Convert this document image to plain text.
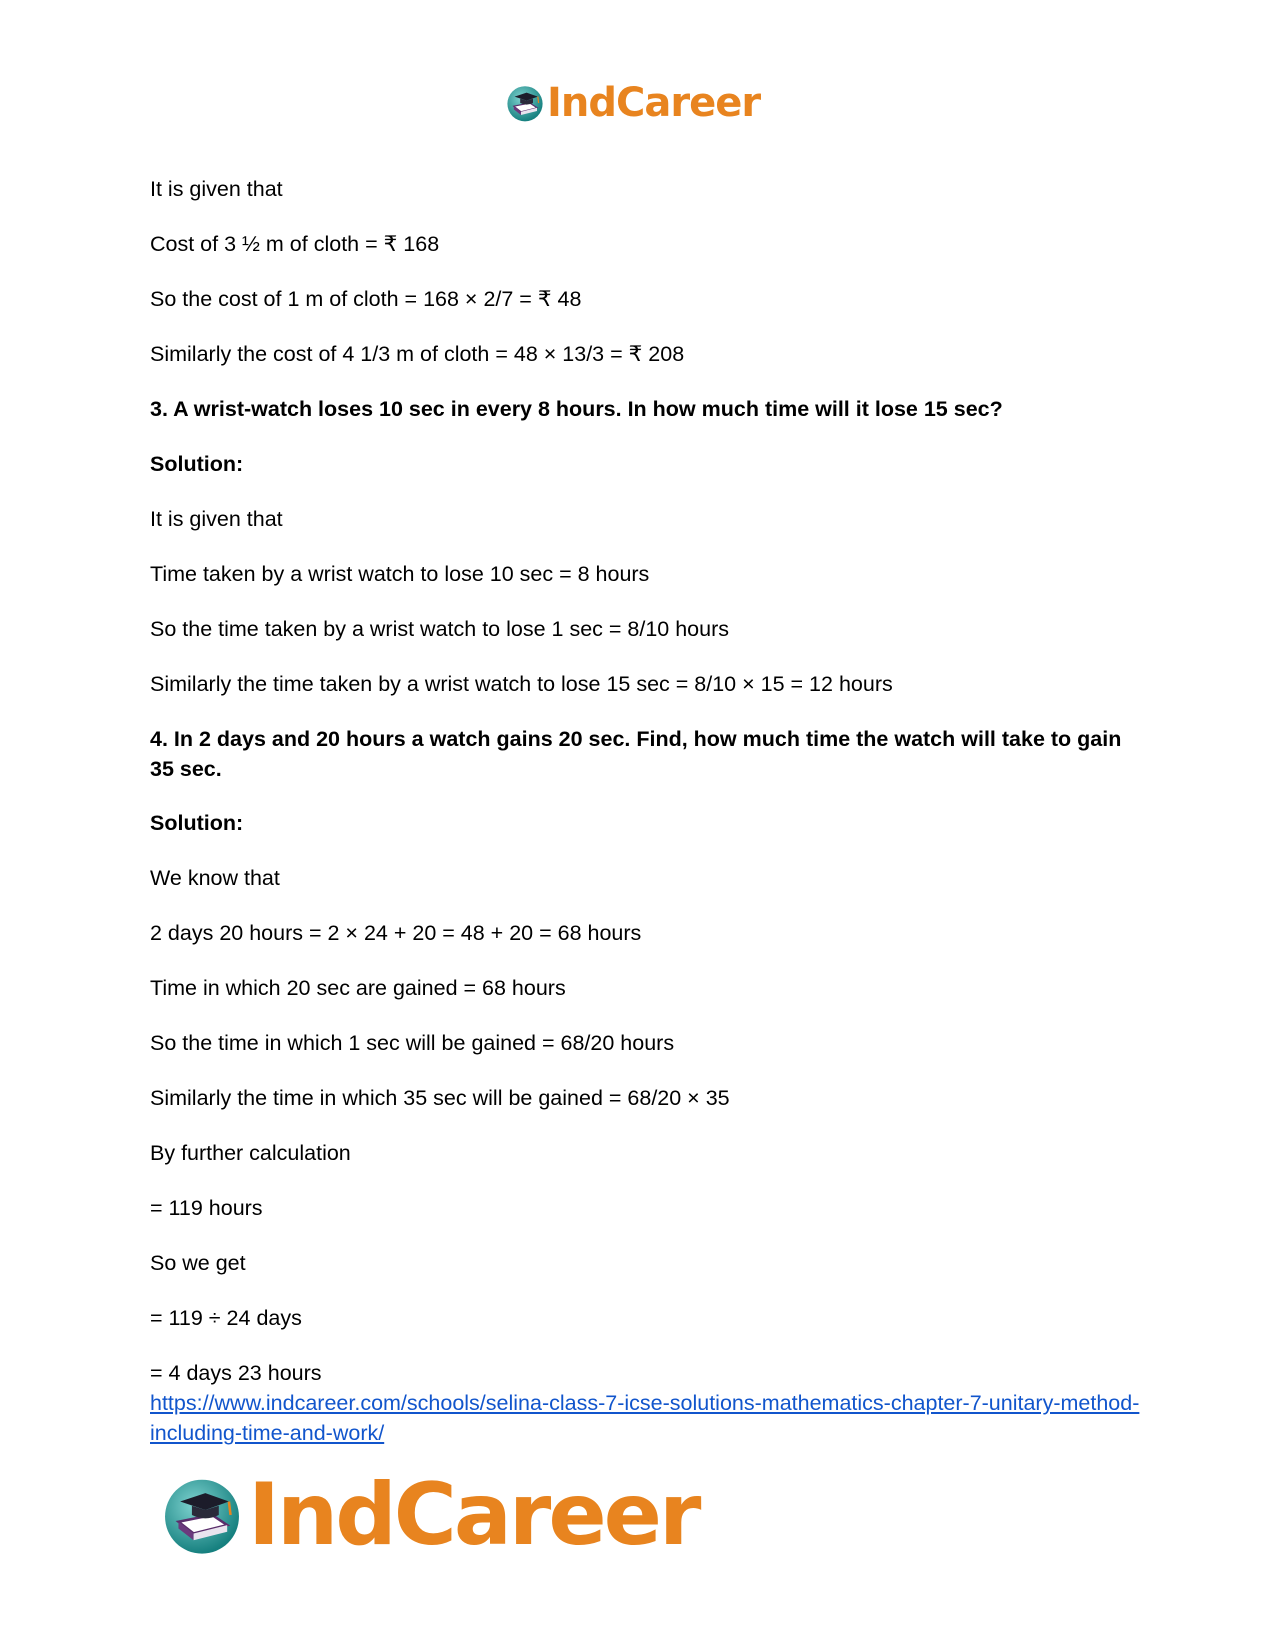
IndCareer

It is given that

Cost of 3 ½ m of cloth = ₹ 168

So the cost of 1 m of cloth = 168 × 2/7 = ₹ 48

Similarly the cost of 4 1/3 m of cloth = 48 × 13/3 = ₹ 208

3. A wrist-watch loses 10 sec in every 8 hours. In how much time will it lose 15 sec?

Solution:

It is given that

Time taken by a wrist watch to lose 10 sec = 8 hours

So the time taken by a wrist watch to lose 1 sec = 8/10 hours

Similarly the time taken by a wrist watch to lose 15 sec = 8/10 × 15 = 12 hours

4. In 2 days and 20 hours a watch gains 20 sec. Find, how much time the watch will take to gain 35 sec.

Solution:

We know that

2 days 20 hours = 2 × 24 + 20 = 48 + 20 = 68 hours

Time in which 20 sec are gained = 68 hours

So the time in which 1 sec will be gained = 68/20 hours

Similarly the time in which 35 sec will be gained = 68/20 × 35

By further calculation

= 119 hours

So we get

= 119 ÷ 24 days

= 4 days 23 hours

https://www.indcareer.com/schools/selina-class-7-icse-solutions-mathematics-chapter-7-unitary-method-including-time-and-work/
IndCareer
